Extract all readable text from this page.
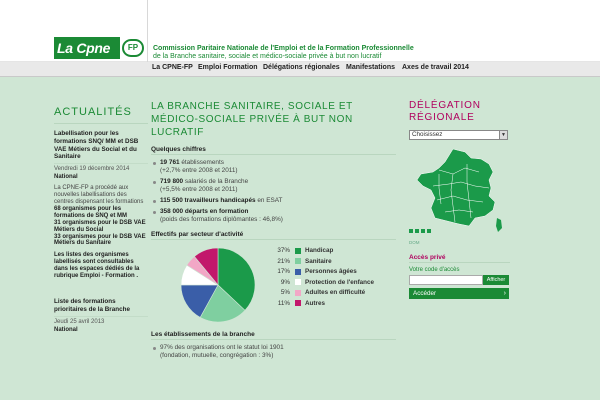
La Cpne	FP	Commission Paritaire Nationale de l'Emploi et de la Formation Professionnelle
de la Branche sanitaire, sociale et médico-sociale privée à but non lucratif
La CPNE-FP Emploi Formation Délégations régionales Manifestations Axes de travail 2014
ACTUALITÉS
Labellisation pour les formations SNQ/ MM et DSB VAE Métiers du Social et du Sanitaire
Vendredi 19 décembre 2014
National
La CPNE-FP a procédé aux nouvelles labellisations des centres dispensant les formations
68 organismes pour les formations de SNQ et MM
31 organismes pour le DSB VAE Métiers du Social
33 organismes pour le DSB VAE Métiers du Sanitaire
Les listes des organismes labellisés sont consultables dans les espaces dédiés de la rubrique Emploi - Formation .
Liste des formations prioritaires de la Branche
Jeudi 25 avril 2013
National
LA BRANCHE SANITAIRE, SOCIALE ET MÉDICO-SOCIALE PRIVÉE À BUT NON LUCRATIF
Quelques chiffres
19 761 établissements
(+2,7% entre 2008 et 2011)
719 800 salariés de la Branche
(+5,5% entre 2008 et 2011)
115 500 travailleurs handicapés en ESAT
358 000 départs en formation
(poids des formations diplômantes : 46,8%)
Effectifs par secteur d'activité
37% Handicap
21% Sanitaire
17% Personnes âgées
9% Protection de l'enfance
5% Adultes en difficulté
11% Autres
Les établissements de la branche
97% des organisations ont le statut loi 1901
(fondation, mutuelle, congrégation : 3%)
DÉLÉGATION RÉGIONALE
Choisissez	▼
DOM
Accès privé
Votre code d'accès
Afficher
Accéder	›
